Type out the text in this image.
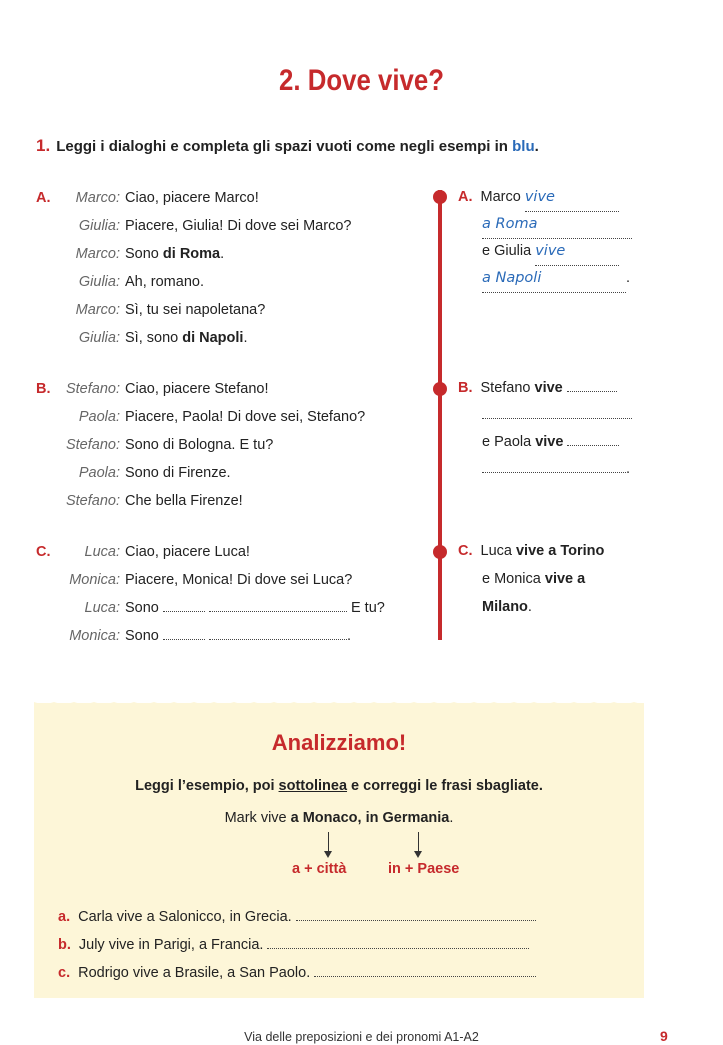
2. Dove vive?
1. Leggi i dialoghi e completa gli spazi vuoti come negli esempi in blu.
A.	Marco: Ciao, piacere Marco!
Giulia: Piacere, Giulia! Di dove sei Marco?
Marco: Sono di Roma.
Giulia: Ah, romano.
Marco: Sì, tu sei napoletana?
Giulia: Sì, sono di Napoli.
B.	Stefano: Ciao, piacere Stefano!
Paola: Piacere, Paola! Di dove sei, Stefano?
Stefano: Sono di Bologna. E tu?
Paola: Sono di Firenze.
Stefano: Che bella Firenze!
C.	Luca: Ciao, piacere Luca!
Monica: Piacere, Monica! Di dove sei Luca?
Luca: Sono	E tu?
Monica: Sono	.
A. Marco vive
a Roma
e Giulia vive
a Napoli	.
B. Stefano vive
e Paola vive
.
C. Luca vive a Torino
e Monica vive a
Milano.
Analizziamo!
Leggi l’esempio, poi sottolinea e correggi le frasi sbagliate.
Mark vive a Monaco, in Germania.
a + città	in + Paese
a. Carla vive a Salonicco, in Grecia.
b. July vive in Parigi, a Francia.
c. Rodrigo vive a Brasile, a San Paolo.
Via delle preposizioni e dei pronomi A1-A2	9
